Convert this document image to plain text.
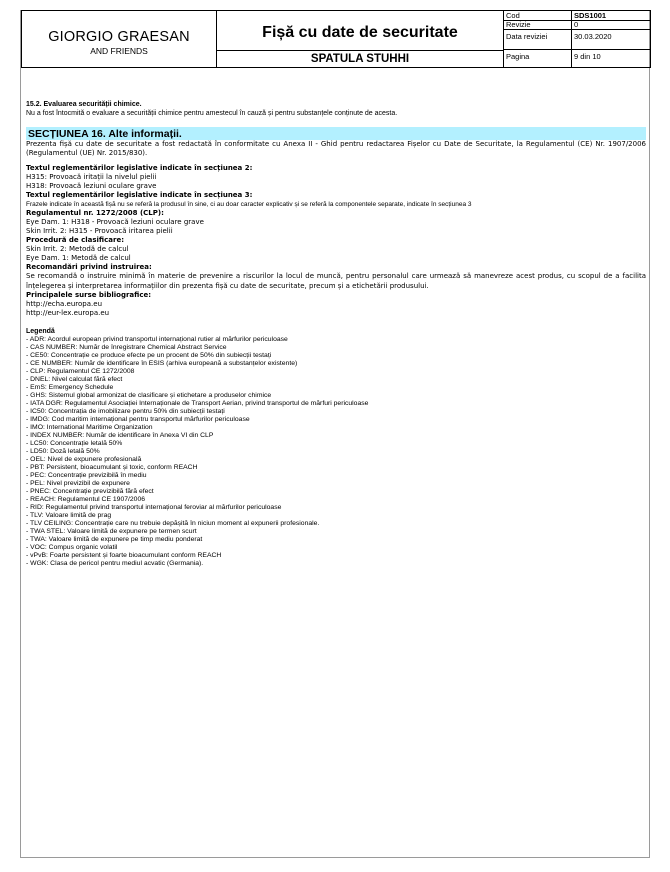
GIORGIO GRAESAN
AND FRIENDS
Fișă cu date de securitate
SPATULA STUHHI
Cod	SDS1001
Revizie	0
Data reviziei	30.03.2020
Pagina	9 din 10
15.2. Evaluarea securității chimice.
Nu a fost întocmită o evaluare a securității chimice pentru amestecul în cauză și pentru substanțele conținute de acesta.
SECȚIUNEA 16. Alte informații.
Prezenta fișă cu date de securitate a fost redactată în conformitate cu Anexa II - Ghid pentru redactarea Fișelor cu Date de Securitate, la Regulamentul (CE) Nr. 1907/2006 (Regulamentul (UE) Nr. 2015/830).
Textul reglementărilor legislative indicate în secțiunea 2:
H315: Provoacă iritații la nivelul pielii
H318: Provoacă leziuni oculare grave
Textul reglementărilor legislative indicate în secțiunea 3:
Frazele indicate în această fișă nu se referă la produsul în sine, ci au doar caracter explicativ și se referă la componentele separate, indicate în secțiunea 3
Regulamentul nr. 1272/2008 (CLP):
Eye Dam. 1: H318 - Provoacă leziuni oculare grave
Skin Irrit. 2: H315 - Provoacă iritarea pielii
Procedură de clasificare:
Skin Irrit. 2: Metodă de calcul
Eye Dam. 1: Metodă de calcul
Recomandări privind instruirea:
Se recomandă o instruire minimă în materie de prevenire a riscurilor la locul de muncă, pentru personalul care urmează să manevreze acest produs, cu scopul de a facilita înțelegerea și interpretarea informațiilor din prezenta fișă cu date de securitate, precum și a etichetării produsului.
Principalele surse bibliografice:
http://echa.europa.eu
http://eur-lex.europa.eu
Legendă
- ADR: Acordul european privind transportul internațional rutier al mărfurilor periculoase
- CAS NUMBER: Număr de înregistrare Chemical Abstract Service
- CE50: Concentrație ce produce efecte pe un procent de 50% din subiecții testați
- CE NUMBER: Număr de identificare în ESIS (arhiva europeană a substanțelor existente)
- CLP: Regulamentul CE 1272/2008
- DNEL: Nivel calculat fără efect
- EmS: Emergency Schedule
- GHS: Sistemul global armonizat de clasificare și etichetare a produselor chimice
- IATA DGR: Regulamentul Asociației Internaționale de Transport Aerian, privind transportul de mărfuri periculoase
- IC50: Concentrația de imobilizare pentru 50% din subiecții testați
- IMDG: Cod maritim internațional pentru transportul mărfurilor periculoase
- IMO: International Maritime Organization
- INDEX NUMBER: Număr de identificare în Anexa VI din CLP
- LC50: Concentrație letală 50%
- LD50: Doză letală 50%
- OEL: Nivel de expunere profesională
- PBT: Persistent, bioacumulant și toxic, conform REACH
- PEC: Concentrație previzibilă în mediu
- PEL: Nivel previzibil de expunere
- PNEC: Concentrație previzibilă fără efect
- REACH: Regulamentul CE 1907/2006
- RID: Regulamentul privind transportul internațional feroviar al mărfurilor periculoase
- TLV: Valoare limită de prag
- TLV CEILING: Concentrație care nu trebuie depășită în niciun moment al expunerii profesionale.
- TWA STEL: Valoare limită de expunere pe termen scurt
- TWA: Valoare limită de expunere pe timp mediu ponderat
- VOC: Compus organic volatil
- vPvB: Foarte persistent și foarte bioacumulant conform REACH
- WGK: Clasa de pericol pentru mediul acvatic (Germania).
